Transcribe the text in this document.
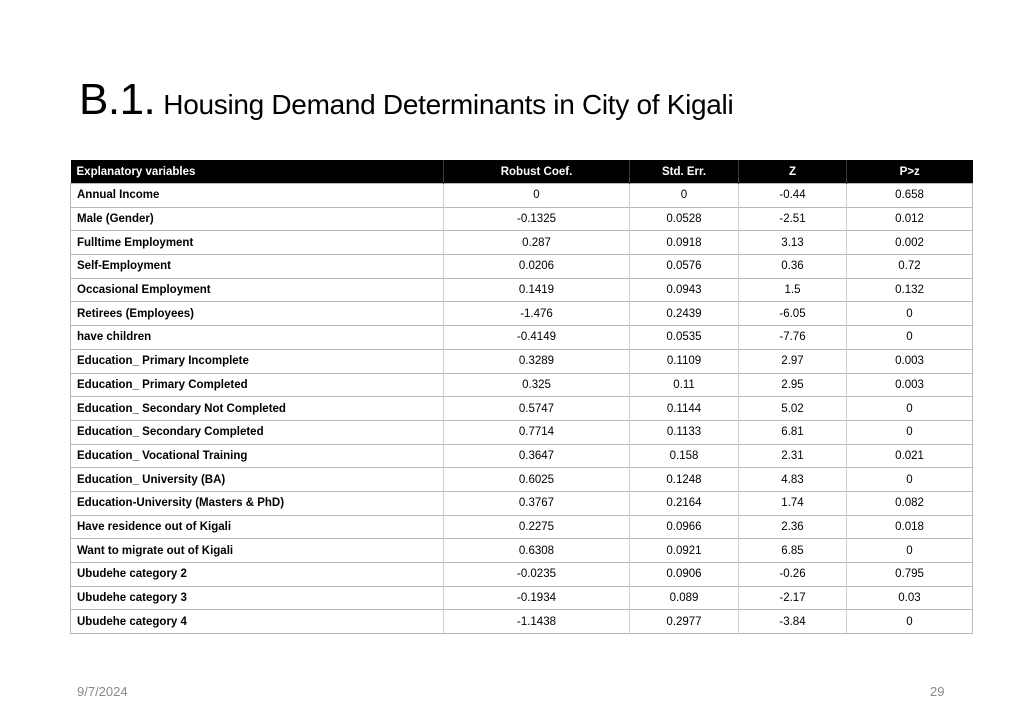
B.1. Housing Demand Determinants in City of Kigali
Explanatory variables	Robust Coef.	Std. Err.	Z	P>z
Annual Income	0	0	-0.44	0.658
Male (Gender)	-0.1325	0.0528	-2.51	0.012
Fulltime Employment	0.287	0.0918	3.13	0.002
Self-Employment	0.0206	0.0576	0.36	0.72
Occasional Employment	0.1419	0.0943	1.5	0.132
Retirees (Employees)	-1.476	0.2439	-6.05	0
have children	-0.4149	0.0535	-7.76	0
Education_ Primary Incomplete	0.3289	0.1109	2.97	0.003
Education_ Primary Completed	0.325	0.11	2.95	0.003
Education_ Secondary Not Completed	0.5747	0.1144	5.02	0
Education_ Secondary Completed	0.7714	0.1133	6.81	0
Education_ Vocational Training	0.3647	0.158	2.31	0.021
Education_ University (BA)	0.6025	0.1248	4.83	0
Education-University (Masters & PhD)	0.3767	0.2164	1.74	0.082
Have residence out of Kigali	0.2275	0.0966	2.36	0.018
Want to migrate out of Kigali	0.6308	0.0921	6.85	0
Ubudehe category 2	-0.0235	0.0906	-0.26	0.795
Ubudehe category 3	-0.1934	0.089	-2.17	0.03
Ubudehe category 4	-1.1438	0.2977	-3.84	0
9/7/2024	29
